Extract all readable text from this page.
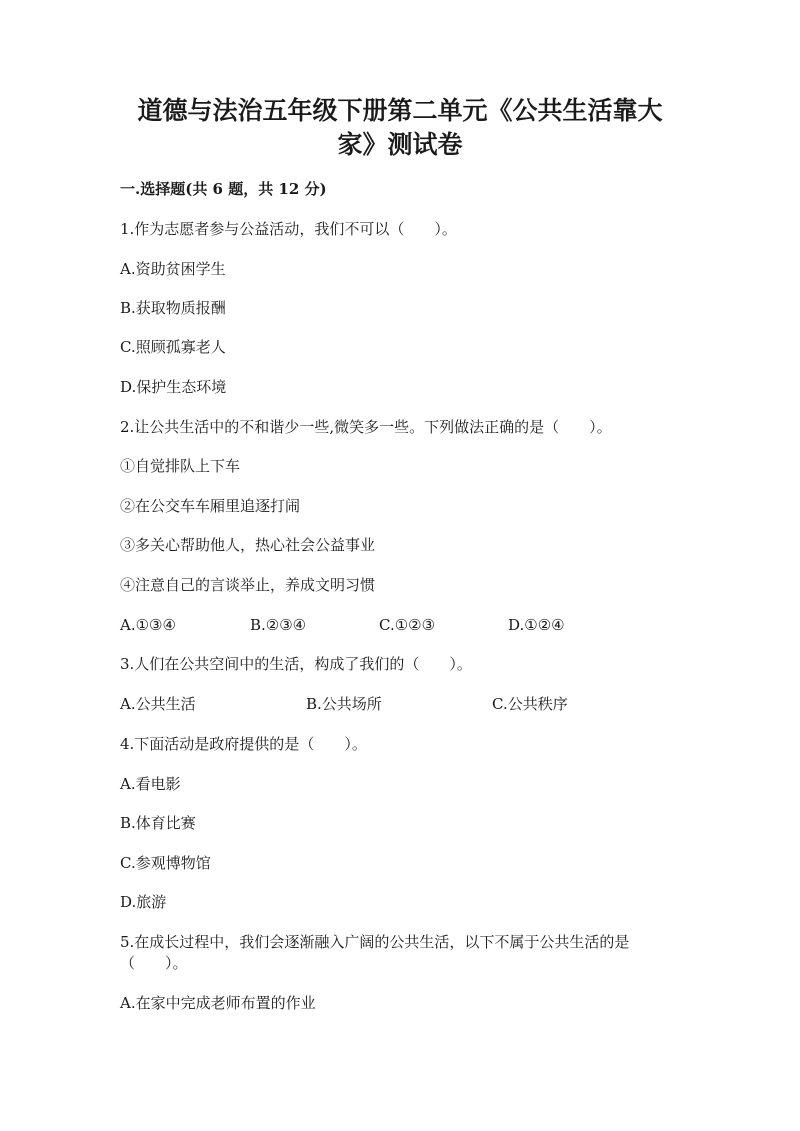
道德与法治五年级下册第二单元《公共生活靠大
家》测试卷
一.选择题(共 6 题，共 12 分)
1.作为志愿者参与公益活动，我们不可以（　　）。
A.资助贫困学生
B.获取物质报酬
C.照顾孤寡老人
D.保护生态环境
2.让公共生活中的不和谐少一些,微笑多一些。下列做法正确的是（　　）。
①自觉排队上下车
②在公交车车厢里追逐打闹
③多关心帮助他人，热心社会公益事业
④注意自己的言谈举止，养成文明习惯
A.①③④	B.②③④	C.①②③	D.①②④
3.人们在公共空间中的生活，构成了我们的（　　）。
A.公共生活	B.公共场所	C.公共秩序
4.下面活动是政府提供的是（　　）。
A.看电影
B.体育比赛
C.参观博物馆
D.旅游
5.在成长过程中，我们会逐渐融入广阔的公共生活，以下不属于公共生活的是
（　　）。
A.在家中完成老师布置的作业
